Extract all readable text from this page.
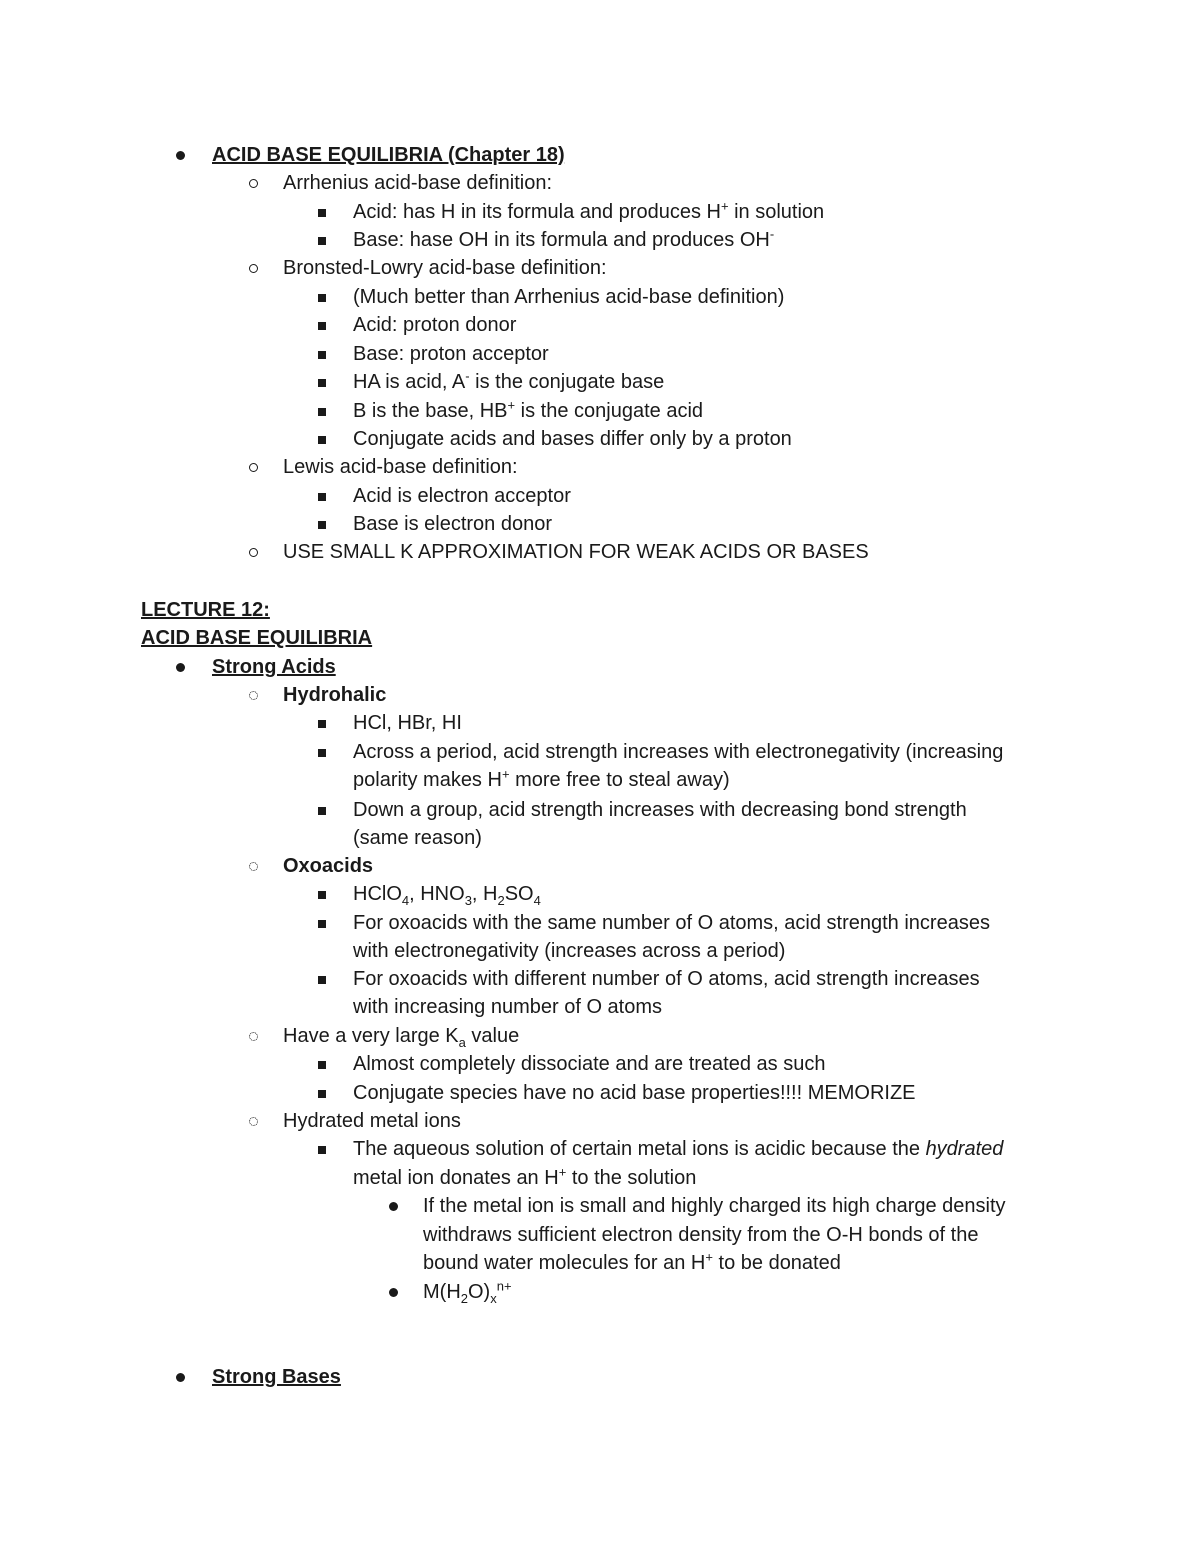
ACID BASE EQUILIBRIA (Chapter 18)
Arrhenius acid-base definition:
Acid: has H in its formula and produces H+ in solution
Base: hase OH in its formula and produces OH-
Bronsted-Lowry acid-base definition:
(Much better than Arrhenius acid-base definition)
Acid: proton donor
Base: proton acceptor
HA is acid, A- is the conjugate base
B is the base, HB+ is the conjugate acid
Conjugate acids and bases differ only by a proton
Lewis acid-base definition:
Acid is electron acceptor
Base is electron donor
USE SMALL K APPROXIMATION FOR WEAK ACIDS OR BASES
LECTURE 12:
ACID BASE EQUILIBRIA
Strong Acids
Hydrohalic
HCl, HBr, HI
Across a period, acid strength increases with electronegativity (increasing
polarity makes H+ more free to steal away)
Down a group, acid strength increases with decreasing bond strength
(same reason)
Oxoacids
HClO$_4$, $HNO_3$, $H_2SO_4$
For oxoacids with the same number of O atoms, acid strength increases
with electronegativity (increases across a period)
For oxoacids with different number of O atoms, acid strength increases
with increasing number of O atoms
Have a very large $K_a$ value
Almost completely dissociate and are treated as such
Conjugate species have no acid base properties!!!! MEMORIZE
Hydrated metal ions
The aqueous solution of certain metal ions is acidic because the hydrated
metal ion donates an H+ to the solution
If the metal ion is small and highly charged its high charge density
withdraws sufficient electron density from the O-H bonds of the
bound water molecules for an H+ to be donated
$M(H_2O)_x^{n+}$
Strong Bases
